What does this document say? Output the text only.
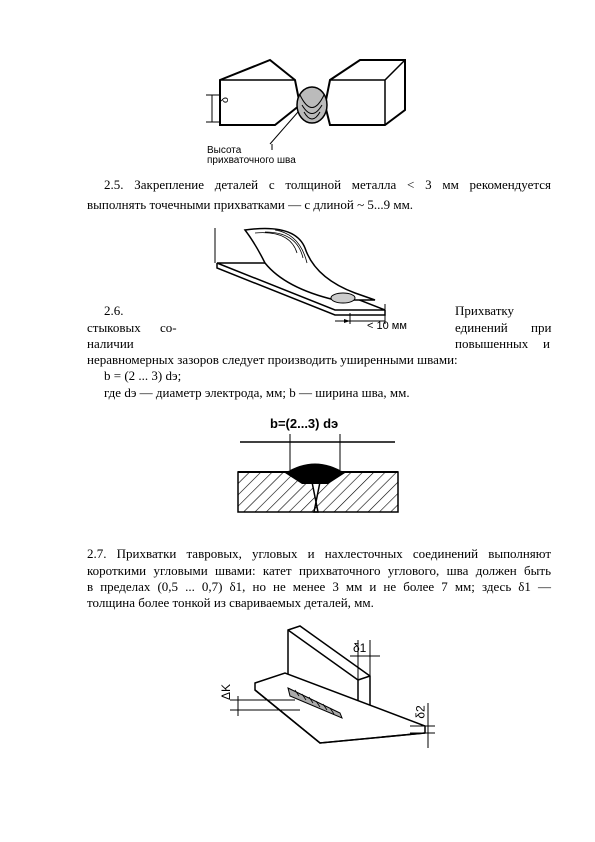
δ
Высота
прихваточного шва
2.5. Закрепление деталей с толщиной металла < 3 мм рекомендуется
выполнять точечными прихватками — с длиной ~ 5...9 мм.
< 10 мм
2.6.	Прихватку
стыковых со-	единений при
наличии	повышенных и
неравномерных зазоров следует производить уширенными швами:
b = (2 ... 3) dэ;
где dэ — диаметр электрода, мм; b — ширина шва, мм.
b=(2...3) dэ
2.7. Прихватки тавровых, угловых и нахлесточных соединений выполняют
короткими угловыми швами: катет прихваточного углового, шва должен быть
в пределах (0,5 ... 0,7) δ1, но не менее 3 мм и не более 7 мм; здесь δ1 —
толщина более тонкой из свариваемых деталей, мм.
δ1
δ2
ΔK
